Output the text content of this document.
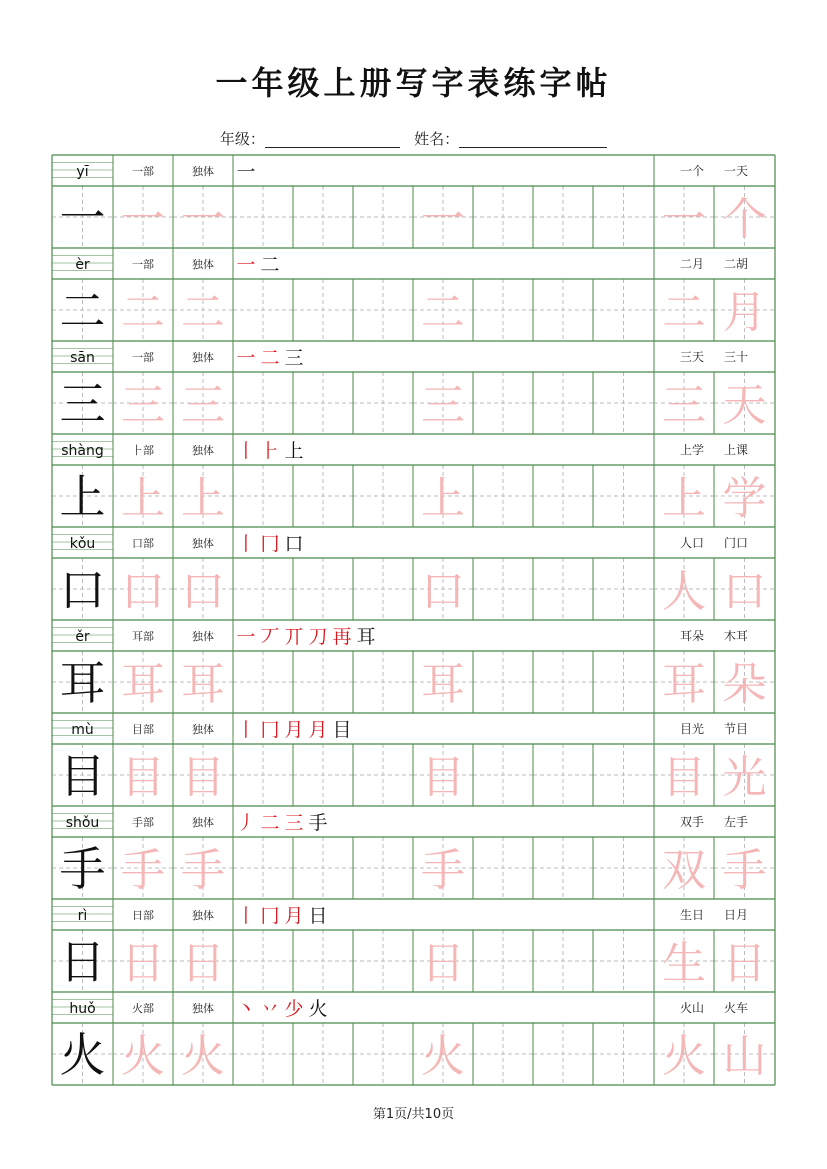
一年级上册写字表练字帖
年级：	姓名：
yī	一部	独体 一	一个 一天
一 一 一	一	一 个
èr	一部	独体 一 二	二月 二胡
二 二 二	二	二 月
sān	一部	独体 一 二 三	三天 三十
三 三 三	三	三 天
shàng	⺊部	独体 丨 ⺊ 上	上学 上课
上 上 上	上	上 学
kǒu	口部	独体 丨 冂 口	人口 门口
口 口 口	口	人 口
ěr	耳部	独体 一 丆 丌 刀 再 耳	耳朵 木耳
耳 耳 耳	耳	耳 朵
mù	目部	独体 丨 冂 月 月 目	目光 节目
目 目 目	目	目 光
shǒu	手部	独体 丿 二 三 手	双手 左手
手 手 手	手	双 手
rì	日部	独体 丨 冂 月 日	生日 日月
日 日 日	日	生 日
huǒ	火部	独体 丶 丷 少 火	火山 火车
火 火 火	火	火 山
第1页/共10页
